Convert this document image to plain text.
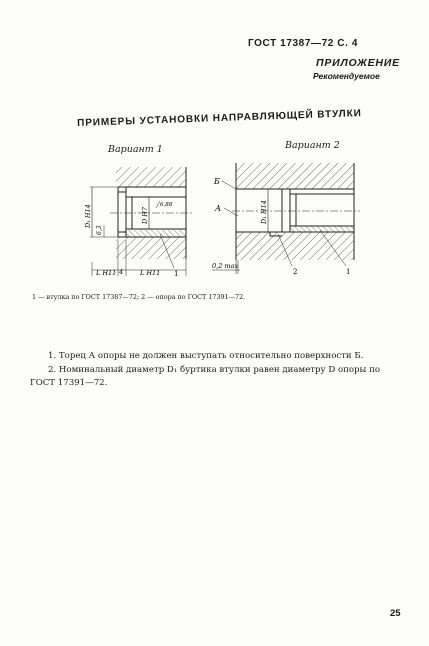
ГОСТ 17387—72 С. 4
ПРИЛОЖЕНИЕ
Рекомендуемое
ПРИМЕРЫ УСТАНОВКИ НАПРАВЛЯЮЩЕЙ ВТУЛКИ
Вариант 1	Вариант 2
D₁ H14
6,3
D H7
6,88
L H11 4	L H11 1
Б
А	D₁ H14
0,2 max
2	1
1 — втулка по ГОСТ 17387—72; 2 — опора по ГОСТ 17391—72.
1. Торец А опоры не должен выступать относительно поверхности Б.
2. Номинальный диаметр D₁ буртика втулки равен диаметру D опоры по
ГОСТ 17391—72.
25
